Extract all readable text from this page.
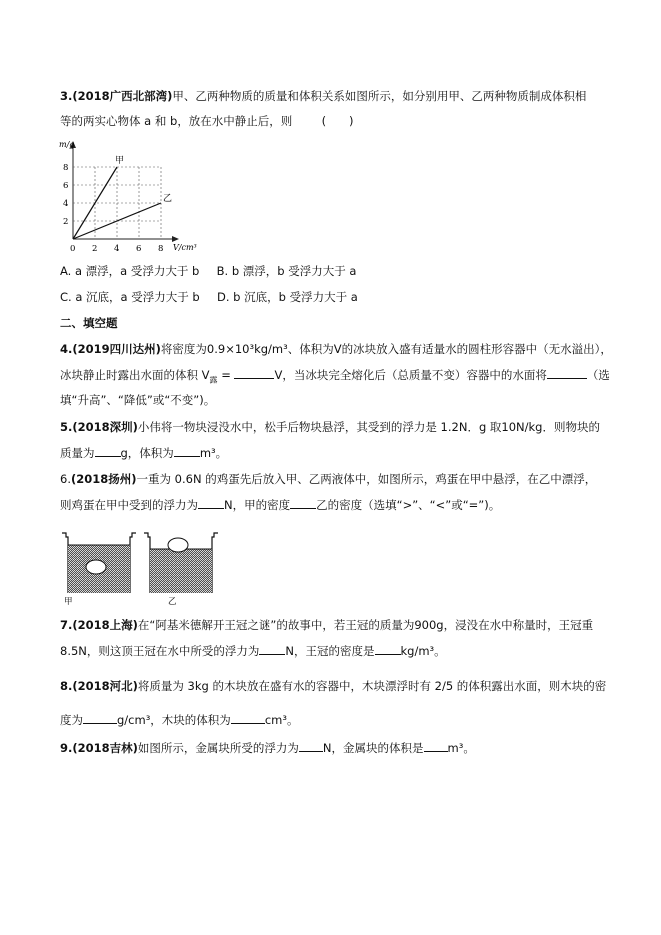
3.(2018广西北部湾)甲、乙两种物质的质量和体积关系如图所示，如分别用甲、乙两种物质制成体积相
等的两实心物体 a 和 b，放在水中静止后，则	(　　)
m/g
V/cm³
8
6
4
2
0 2 4 6 8
甲
乙
A. a 漂浮，a 受浮力大于 b B. b 漂浮，b 受浮力大于 a
C. a 沉底，a 受浮力大于 b D. b 沉底，b 受浮力大于 a
二、填空题
4.(2019四川达州)将密度为0.9×10³kg/m³、体积为V的冰块放入盛有适量水的圆柱形容器中（无水溢出），
冰块静止时露出水面的体积 $V_露$ =	V，当冰块完全熔化后（总质量不变）容器中的水面将	（选
填“升高”、“降低”或“不变”)。
5.(2018深圳)小伟将一物块浸没水中，松手后物块悬浮，其受到的浮力是 1.2N．g 取10N/kg．则物块的
质量为 g，体积为 m³。
6.(2018扬州)一重为 0.6N 的鸡蛋先后放入甲、乙两液体中，如图所示，鸡蛋在甲中悬浮，在乙中漂浮，
则鸡蛋在甲中受到的浮力为 N，甲的密度 乙的密度（选填“>”、“<”或“=”)。
甲	乙
7.(2018上海)在“阿基米德解开王冠之谜”的故事中，若王冠的质量为900g，浸没在水中称量时，王冠重
8.5N，则这顶王冠在水中所受的浮力为 N，王冠的密度是 kg/m³。
8.(2018河北)将质量为 3kg 的木块放在盛有水的容器中，木块漂浮时有 2/5 的体积露出水面，则木块的密
度为	g/cm³，木块的体积为	cm³。
9.(2018吉林)如图所示，金属块所受的浮力为 N，金属块的体积是 m³。
